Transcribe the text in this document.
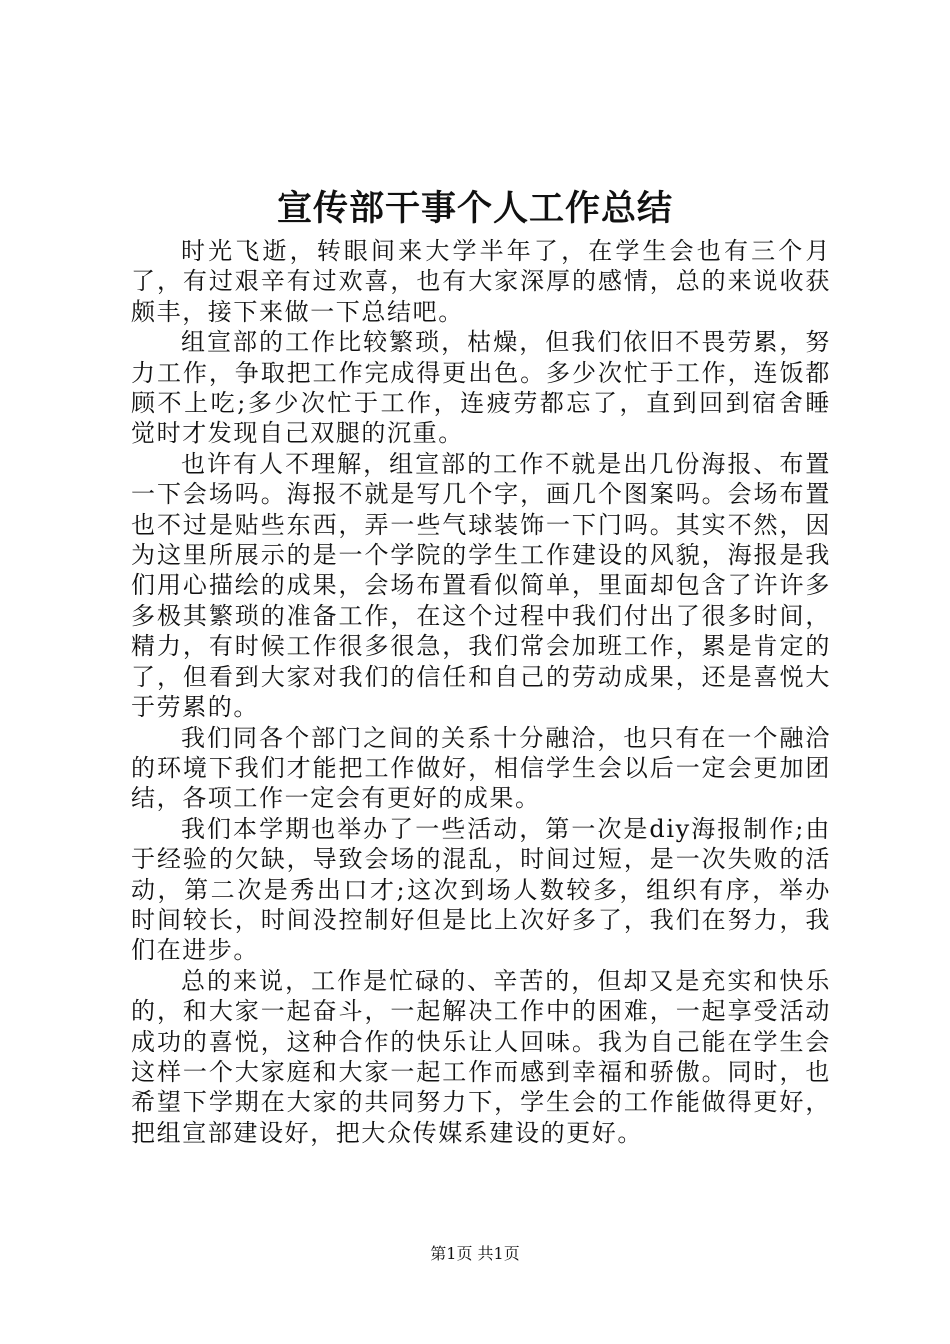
宣传部干事个人工作总结

时光飞逝，转眼间来大学半年了，在学生会也有三个月了，有过艰辛有过欢喜，也有大家深厚的感情，总的来说收获颇丰，接下来做一下总结吧。

组宣部的工作比较繁琐，枯燥，但我们依旧不畏劳累，努力工作，争取把工作完成得更出色。多少次忙于工作，连饭都顾不上吃;多少次忙于工作，连疲劳都忘了，直到回到宿舍睡觉时才发现自己双腿的沉重。

也许有人不理解，组宣部的工作不就是出几份海报、布置一下会场吗。海报不就是写几个字，画几个图案吗。会场布置也不过是贴些东西，弄一些气球装饰一下门吗。其实不然，因为这里所展示的是一个学院的学生工作建设的风貌，海报是我们用心描绘的成果，会场布置看似简单，里面却包含了许许多多极其繁琐的准备工作，在这个过程中我们付出了很多时间，精力，有时候工作很多很急，我们常会加班工作，累是肯定的了，但看到大家对我们的信任和自己的劳动成果，还是喜悦大于劳累的。

我们同各个部门之间的关系十分融洽，也只有在一个融洽的环境下我们才能把工作做好，相信学生会以后一定会更加团结，各项工作一定会有更好的成果。

我们本学期也举办了一些活动，第一次是diy海报制作;由于经验的欠缺，导致会场的混乱，时间过短，是一次失败的活动，第二次是秀出口才;这次到场人数较多，组织有序，举办时间较长，时间没控制好但是比上次好多了，我们在努力，我们在进步。

总的来说，工作是忙碌的、辛苦的，但却又是充实和快乐的，和大家一起奋斗，一起解决工作中的困难，一起享受活动成功的喜悦，这种合作的快乐让人回味。我为自己能在学生会这样一个大家庭和大家一起工作而感到幸福和骄傲。同时，也希望下学期在大家的共同努力下，学生会的工作能做得更好，把组宣部建设好，把大众传媒系建设的更好。

第1页 共1页
